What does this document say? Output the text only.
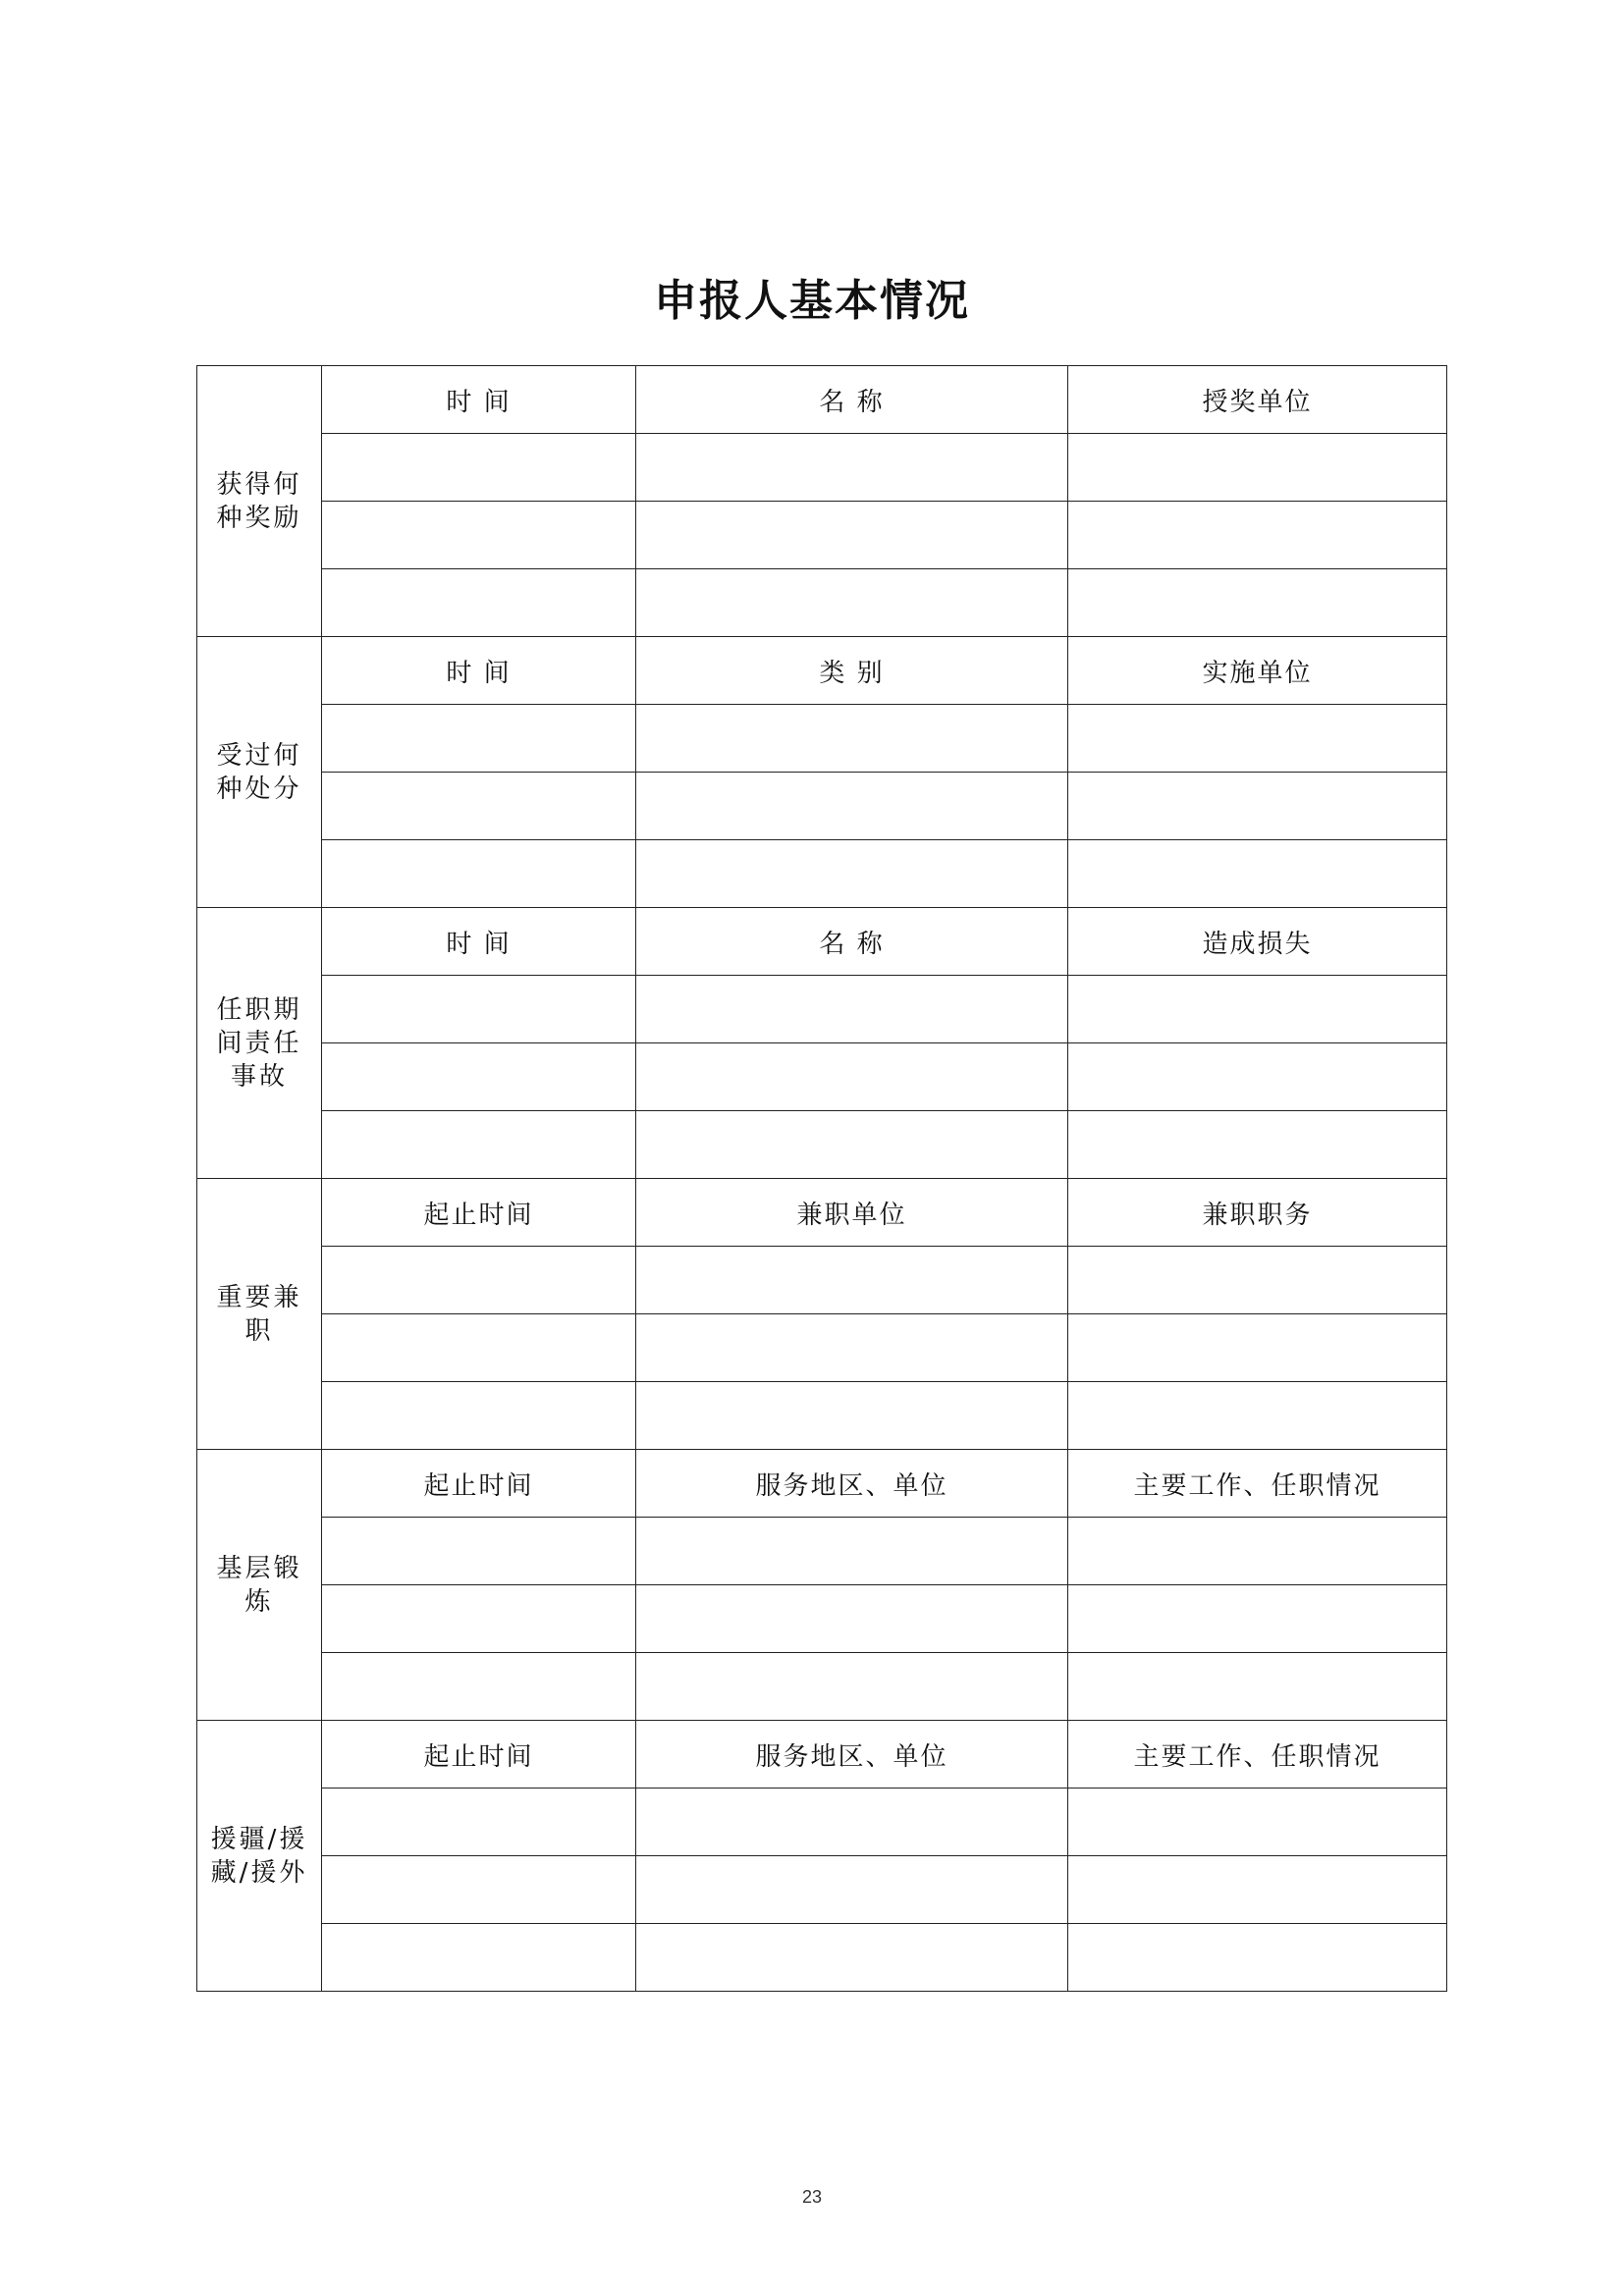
申报人基本情况
获得何种奖励	时 间	名 称	授奖单位

受过何种处分	时 间	类 别	实施单位

任职期间责任事故	时 间	名 称	造成损失

重要兼职	起止时间	兼职单位	兼职职务

基层锻炼	起止时间	服务地区、单位	主要工作、任职情况

援疆/援藏/援外	起止时间	服务地区、单位	主要工作、任职情况

23
